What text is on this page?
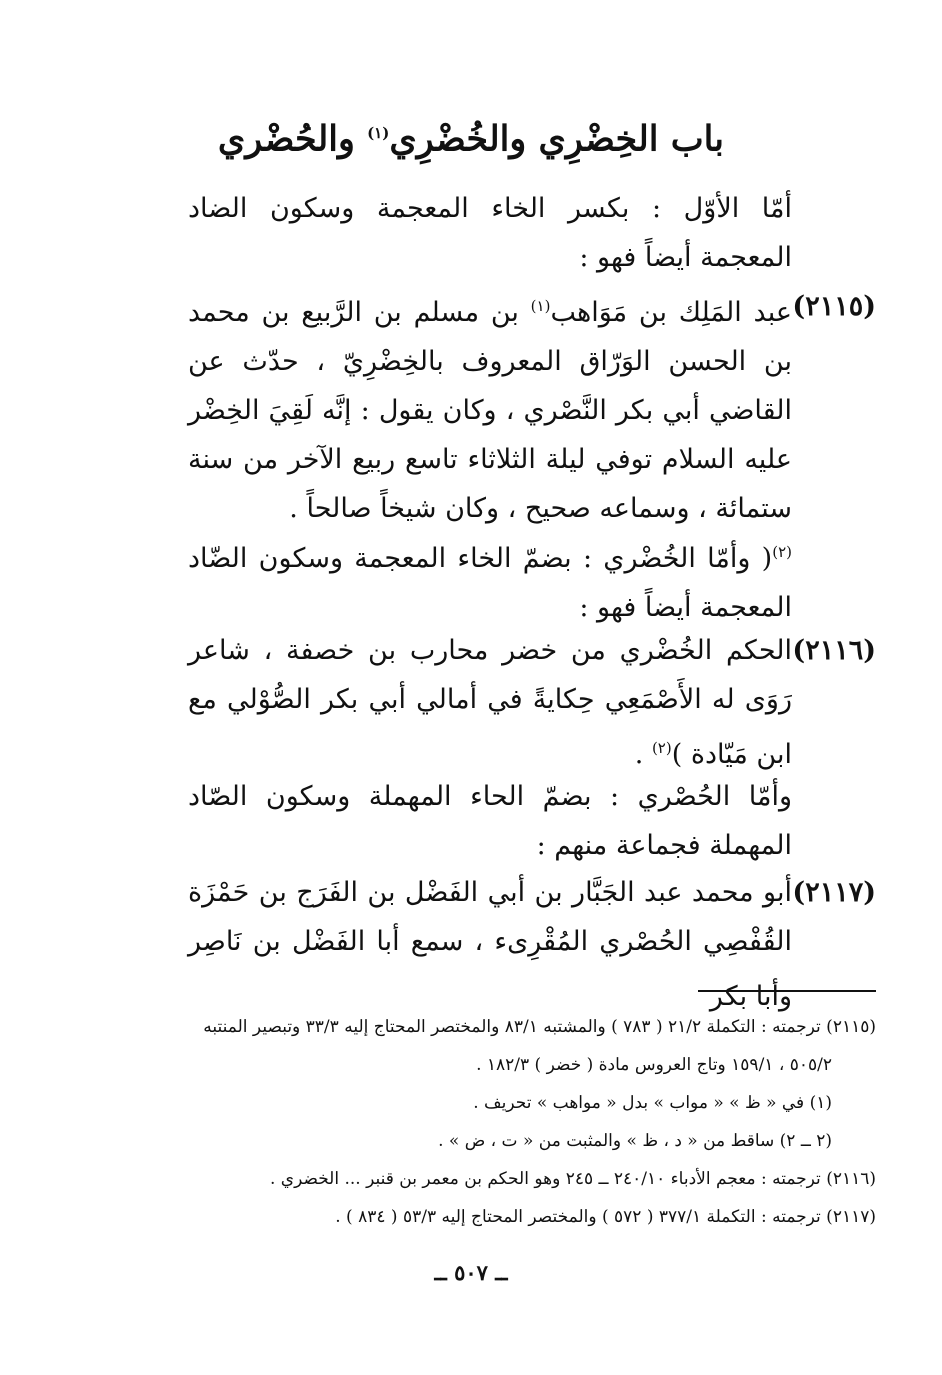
باب الخِضْرِي والخُضْرِي$^{(١)}$ والحُضْري
أمّا الأوّل : بكسر الخاء المعجمة وسكون الضاد المعجمة أيضاً فهو :
(٢١١٥)
عبد المَلِك بن مَوَاهب$^{(١)}$ بن مسلم بن الرَّبيع بن محمد بن الحسن الوَرّاق المعروف بالخِضْرِيّ ، حدّث عن القاضي أبي بكر النَّصْري ، وكان يقول : إنَّه لَقِيَ الخِضْر عليه السلام توفي ليلة الثلاثاء تاسع ربيع الآخر من سنة ستمائة ، وسماعه صحيح ، وكان شيخاً صالحاً .
$^{(٢)}$( وأمّا الخُضْري : بضمّ الخاء المعجمة وسكون الضّاد المعجمة أيضاً فهو :
(٢١١٦)
الحكم الخُضْري من خضر محارب بن خصفة ، شاعر رَوَى له الأَصْمَعِي حِكايةً في أمالي أبي بكر الصُّوْلي مع ابن مَيّادة )$^{(٢)}$ .
وأمّا الحُصْري : بضمّ الحاء المهملة وسكون الصّاد المهملة فجماعة منهم :
(٢١١٧)
أبو محمد عبد الجَبَّار بن أبي الفَضْل بن الفَرَج بن حَمْزَة القُفْصِي الحُصْري المُقْرِىء ، سمع أبا الفَضْل بن نَاصِر وأبا بكر
(٢١١٥) ترجمته : التكملة ٢١/٢ ( ٧٨٣ ) والمشتبه ٨٣/١ والمختصر المحتاج إليه ٣٣/٣ وتبصير المنتبه
٥٠٥/٢ ، ١٥٩/١ وتاج العروس مادة ( خضر ) ١٨٢/٣ .
(١) في « ظ » « مواب » بدل « مواهب » تحريف .
(٢ ــ ٢) ساقط من « د ، ظ » والمثبت من « ت ، ض » .
(٢١١٦) ترجمته : معجم الأدباء ٢٤٠/١٠ ــ ٢٤٥ وهو الحكم بن معمر بن قنبر ... الخضري .
(٢١١٧) ترجمته : التكملة ٣٧٧/١ ( ٥٧٢ ) والمختصر المحتاج إليه ٥٣/٣ ( ٨٣٤ ) .
ــ ٥٠٧ ــ
